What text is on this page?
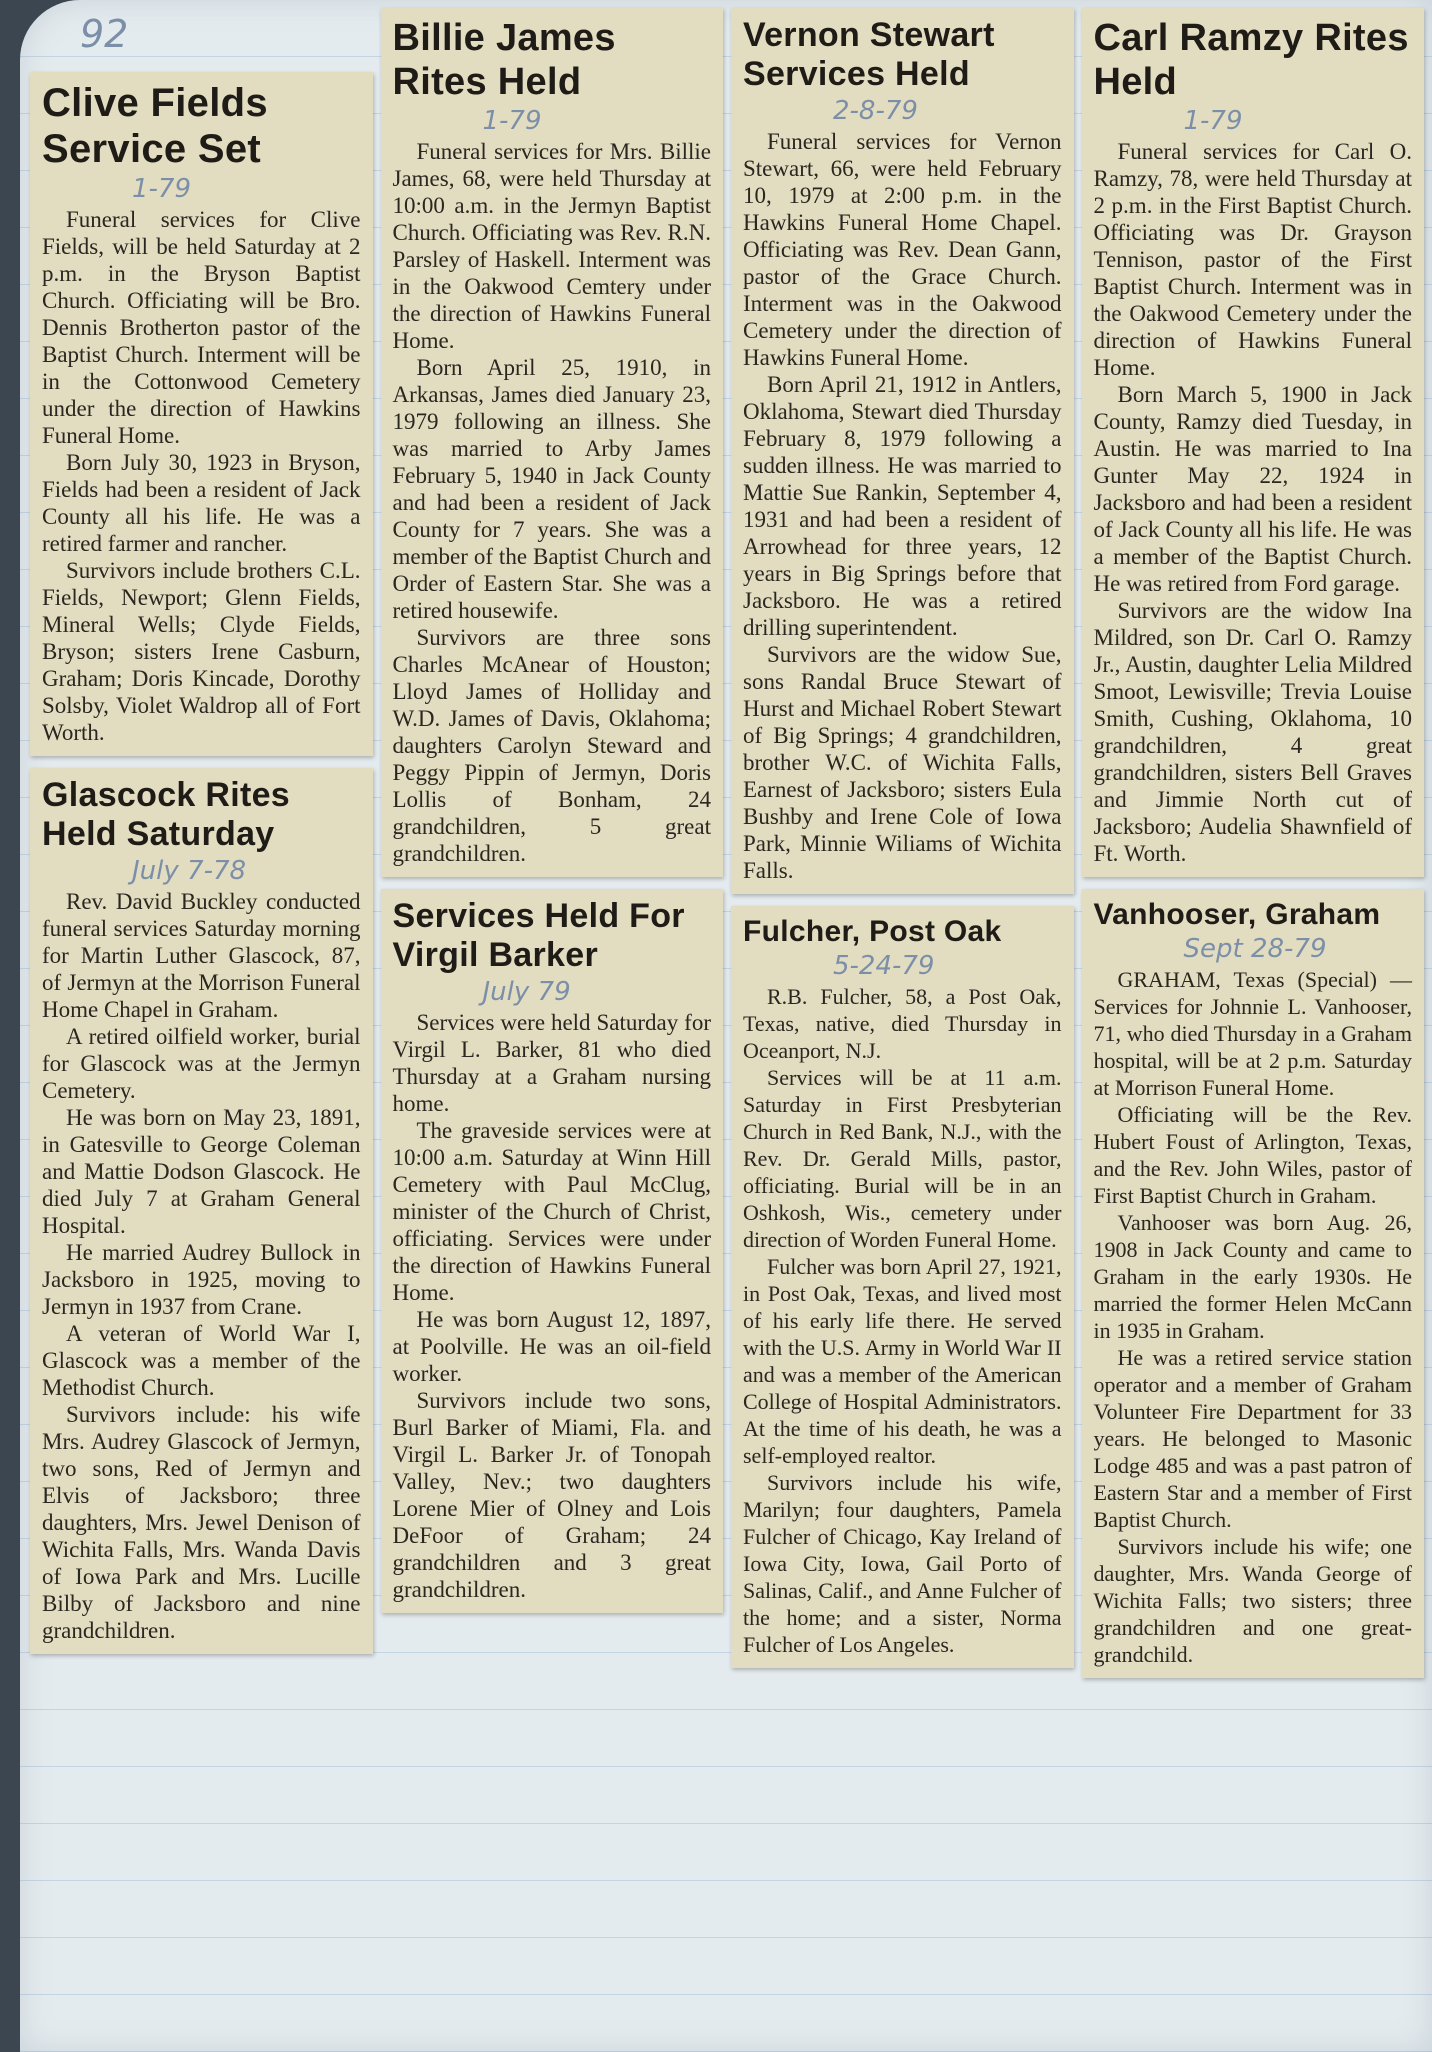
92
Clive Fields Service Set
1-79

Funeral services for Clive Fields, will be held Saturday at 2 p.m. in the Bryson Baptist Church. Officiating will be Bro. Dennis Brotherton pastor of the Baptist Church. Interment will be in the Cottonwood Cemetery under the direction of Hawkins Funeral Home.

Born July 30, 1923 in Bryson, Fields had been a resident of Jack County all his life. He was a retired farmer and rancher.

Survivors include brothers C.L. Fields, Newport; Glenn Fields, Mineral Wells; Clyde Fields, Bryson; sisters Irene Casburn, Graham; Doris Kincade, Dorothy Solsby, Violet Waldrop all of Fort Worth.

Glascock Rites Held Saturday
July 7-78

Rev. David Buckley conducted funeral services Saturday morning for Martin Luther Glascock, 87, of Jermyn at the Morrison Funeral Home Chapel in Graham.

A retired oilfield worker, burial for Glascock was at the Jermyn Cemetery.

He was born on May 23, 1891, in Gatesville to George Coleman and Mattie Dodson Glascock. He died July 7 at Graham General Hospital.

He married Audrey Bullock in Jacksboro in 1925, moving to Jermyn in 1937 from Crane.

A veteran of World War I, Glascock was a member of the Methodist Church.

Survivors include: his wife Mrs. Audrey Glascock of Jermyn, two sons, Red of Jermyn and Elvis of Jacksboro; three daughters, Mrs. Jewel Denison of Wichita Falls, Mrs. Wanda Davis of Iowa Park and Mrs. Lucille Bilby of Jacksboro and nine grandchildren.

Billie James Rites Held
1-79

Funeral services for Mrs. Billie James, 68, were held Thursday at 10:00 a.m. in the Jermyn Baptist Church. Officiating was Rev. R.N. Parsley of Haskell. Interment was in the Oakwood Cemtery under the direction of Hawkins Funeral Home.

Born April 25, 1910, in Arkansas, James died January 23, 1979 following an illness. She was married to Arby James February 5, 1940 in Jack County and had been a resident of Jack County for 7 years. She was a member of the Baptist Church and Order of Eastern Star. She was a retired housewife.

Survivors are three sons Charles McAnear of Houston; Lloyd James of Holliday and W.D. James of Davis, Oklahoma; daughters Carolyn Steward and Peggy Pippin of Jermyn, Doris Lollis of Bonham, 24 grandchildren, 5 great grandchildren.

Services Held For Virgil Barker
July 79

Services were held Saturday for Virgil L. Barker, 81 who died Thursday at a Graham nursing home.

The graveside services were at 10:00 a.m. Saturday at Winn Hill Cemetery with Paul McClug, minister of the Church of Christ, officiating. Services were under the direction of Hawkins Funeral Home.

He was born August 12, 1897, at Poolville. He was an oil-field worker.

Survivors include two sons, Burl Barker of Miami, Fla. and Virgil L. Barker Jr. of Tonopah Valley, Nev.; two daughters Lorene Mier of Olney and Lois DeFoor of Graham; 24 grandchildren and 3 great grandchildren.

Vernon Stewart Services Held
2-8-79

Funeral services for Vernon Stewart, 66, were held February 10, 1979 at 2:00 p.m. in the Hawkins Funeral Home Chapel. Officiating was Rev. Dean Gann, pastor of the Grace Church. Interment was in the Oakwood Cemetery under the direction of Hawkins Funeral Home.

Born April 21, 1912 in Antlers, Oklahoma, Stewart died Thursday February 8, 1979 following a sudden illness. He was married to Mattie Sue Rankin, September 4, 1931 and had been a resident of Arrowhead for three years, 12 years in Big Springs before that Jacksboro. He was a retired drilling superintendent.

Survivors are the widow Sue, sons Randal Bruce Stewart of Hurst and Michael Robert Stewart of Big Springs; 4 grandchildren, brother W.C. of Wichita Falls, Earnest of Jacksboro; sisters Eula Bushby and Irene Cole of Iowa Park, Minnie Wiliams of Wichita Falls.

Fulcher, Post Oak
5-24-79

R.B. Fulcher, 58, a Post Oak, Texas, native, died Thursday in Oceanport, N.J.

Services will be at 11 a.m. Saturday in First Presbyterian Church in Red Bank, N.J., with the Rev. Dr. Gerald Mills, pastor, officiating. Burial will be in an Oshkosh, Wis., cemetery under direction of Worden Funeral Home.

Fulcher was born April 27, 1921, in Post Oak, Texas, and lived most of his early life there. He served with the U.S. Army in World War II and was a member of the American College of Hospital Administrators. At the time of his death, he was a self-employed realtor.

Survivors include his wife, Marilyn; four daughters, Pamela Fulcher of Chicago, Kay Ireland of Iowa City, Iowa, Gail Porto of Salinas, Calif., and Anne Fulcher of the home; and a sister, Norma Fulcher of Los Angeles.

Carl Ramzy Rites Held
1-79

Funeral services for Carl O. Ramzy, 78, were held Thursday at 2 p.m. in the First Baptist Church. Officiating was Dr. Grayson Tennison, pastor of the First Baptist Church. Interment was in the Oakwood Cemetery under the direction of Hawkins Funeral Home.

Born March 5, 1900 in Jack County, Ramzy died Tuesday, in Austin. He was married to Ina Gunter May 22, 1924 in Jacksboro and had been a resident of Jack County all his life. He was a member of the Baptist Church. He was retired from Ford garage.

Survivors are the widow Ina Mildred, son Dr. Carl O. Ramzy Jr., Austin, daughter Lelia Mildred Smoot, Lewisville; Trevia Louise Smith, Cushing, Oklahoma, 10 grandchildren, 4 great grandchildren, sisters Bell Graves and Jimmie North cut of Jacksboro; Audelia Shawnfield of Ft. Worth.

Vanhooser, Graham
Sept 28-79

GRAHAM, Texas (Special) — Services for Johnnie L. Vanhooser, 71, who died Thursday in a Graham hospital, will be at 2 p.m. Saturday at Morrison Funeral Home.

Officiating will be the Rev. Hubert Foust of Arlington, Texas, and the Rev. John Wiles, pastor of First Baptist Church in Graham.

Vanhooser was born Aug. 26, 1908 in Jack County and came to Graham in the early 1930s. He married the former Helen McCann in 1935 in Graham.

He was a retired service station operator and a member of Graham Volunteer Fire Department for 33 years. He belonged to Masonic Lodge 485 and was a past patron of Eastern Star and a member of First Baptist Church.

Survivors include his wife; one daughter, Mrs. Wanda George of Wichita Falls; two sisters; three grandchildren and one great-grandchild.
